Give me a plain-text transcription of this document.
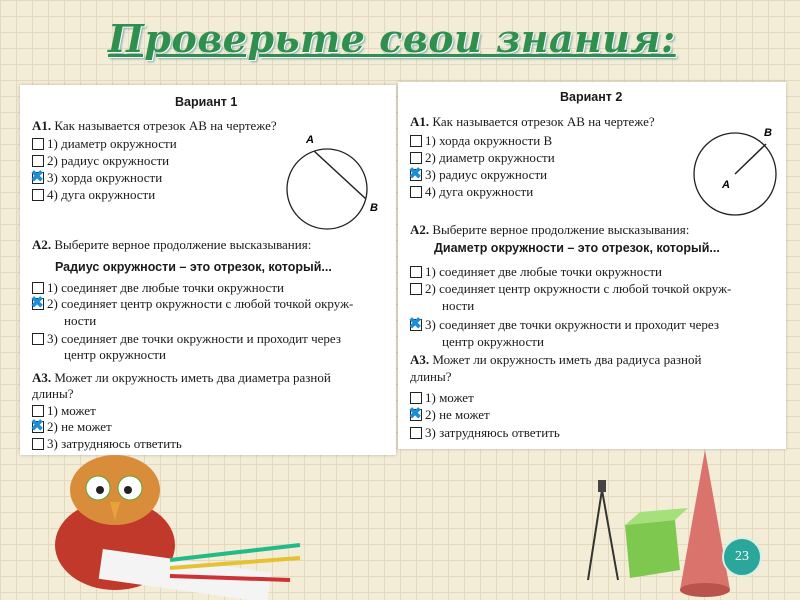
Проверьте свои знания:
Вариант 1
А1. Как называется отрезок АВ на чертеже?
1) диаметр окружности
2) радиус окружности
✖ 3) хорда окружности
4) дуга окружности
A
B
А2. Выберите верное продолжение высказывания:
Радиус окружности – это отрезок, который...
1) соединяет две любые точки окружности
✖ 2) соединяет центр окружности с любой точкой окруж-
ности
3) соединяет две точки окружности и проходит через
центр окружности
А3. Может ли окружность иметь два диаметра разной
длины?
1) может
✖ 2) не может
3) затрудняюсь ответить
Вариант 2
А1. Как называется отрезок АВ на чертеже?
1) хорда окружности В
2) диаметр окружности
✖ 3) радиус окружности
4) дуга окружности	A
B
А2. Выберите верное продолжение высказывания:
Диаметр окружности – это отрезок, который...
1) соединяет две любые точки окружности
2) соединяет центр окружности с любой точкой окруж-
ности
✖ 3) соединяет две точки окружности и проходит через
центр окружности
А3. Может ли окружность иметь два радиуса разной
длины?
1) может
✖ 2) не может
3) затрудняюсь ответить
23
